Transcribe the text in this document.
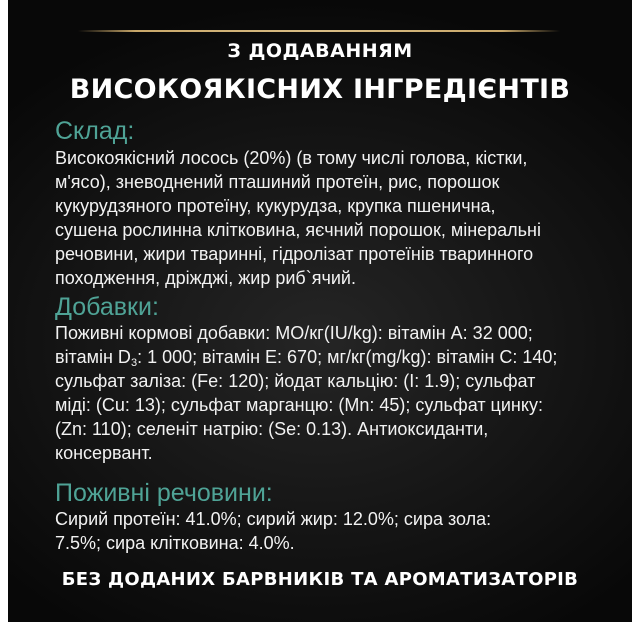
З ДОДАВАННЯМ
ВИСОКОЯКІСНИХ ІНГРЕДІЄНТІВ
Склад:
Високоякісний лосось (20%) (в тому числі голова, кістки,
м'ясо), зневоднений пташиний протеїн, рис, порошок
кукурудзяного протеїну, кукурудза, крупка пшенична,
сушена рослинна клітковина, яєчний порошок, мінеральні
речовини, жири тваринні, гідролізат протеїнів тваринного
походження, дріжджі, жир риб`ячий.
Добавки:
Поживні кормові добавки: МО/кг(IU/kg): вітамін А: 32 000;
вітамін $D_3$: 1 000; вітамін Е: 670; мг/кг(mg/kg): вітамін С: 140;
сульфат заліза: (Fe: 120); йодат кальцію: (I: 1.9); сульфат
міді: (Cu: 13); сульфат марганцю: (Mn: 45); сульфат цинку:
(Zn: 110); селеніт натрію: (Se: 0.13). Антиоксиданти,
консервант.
Поживні речовини:
Сирий протеїн: 41.0%; сирий жир: 12.0%; сира зола:
7.5%; сира клітковина: 4.0%.
БЕЗ ДОДАНИХ БАРВНИКІВ ТА АРОМАТИЗАТОРІВ
